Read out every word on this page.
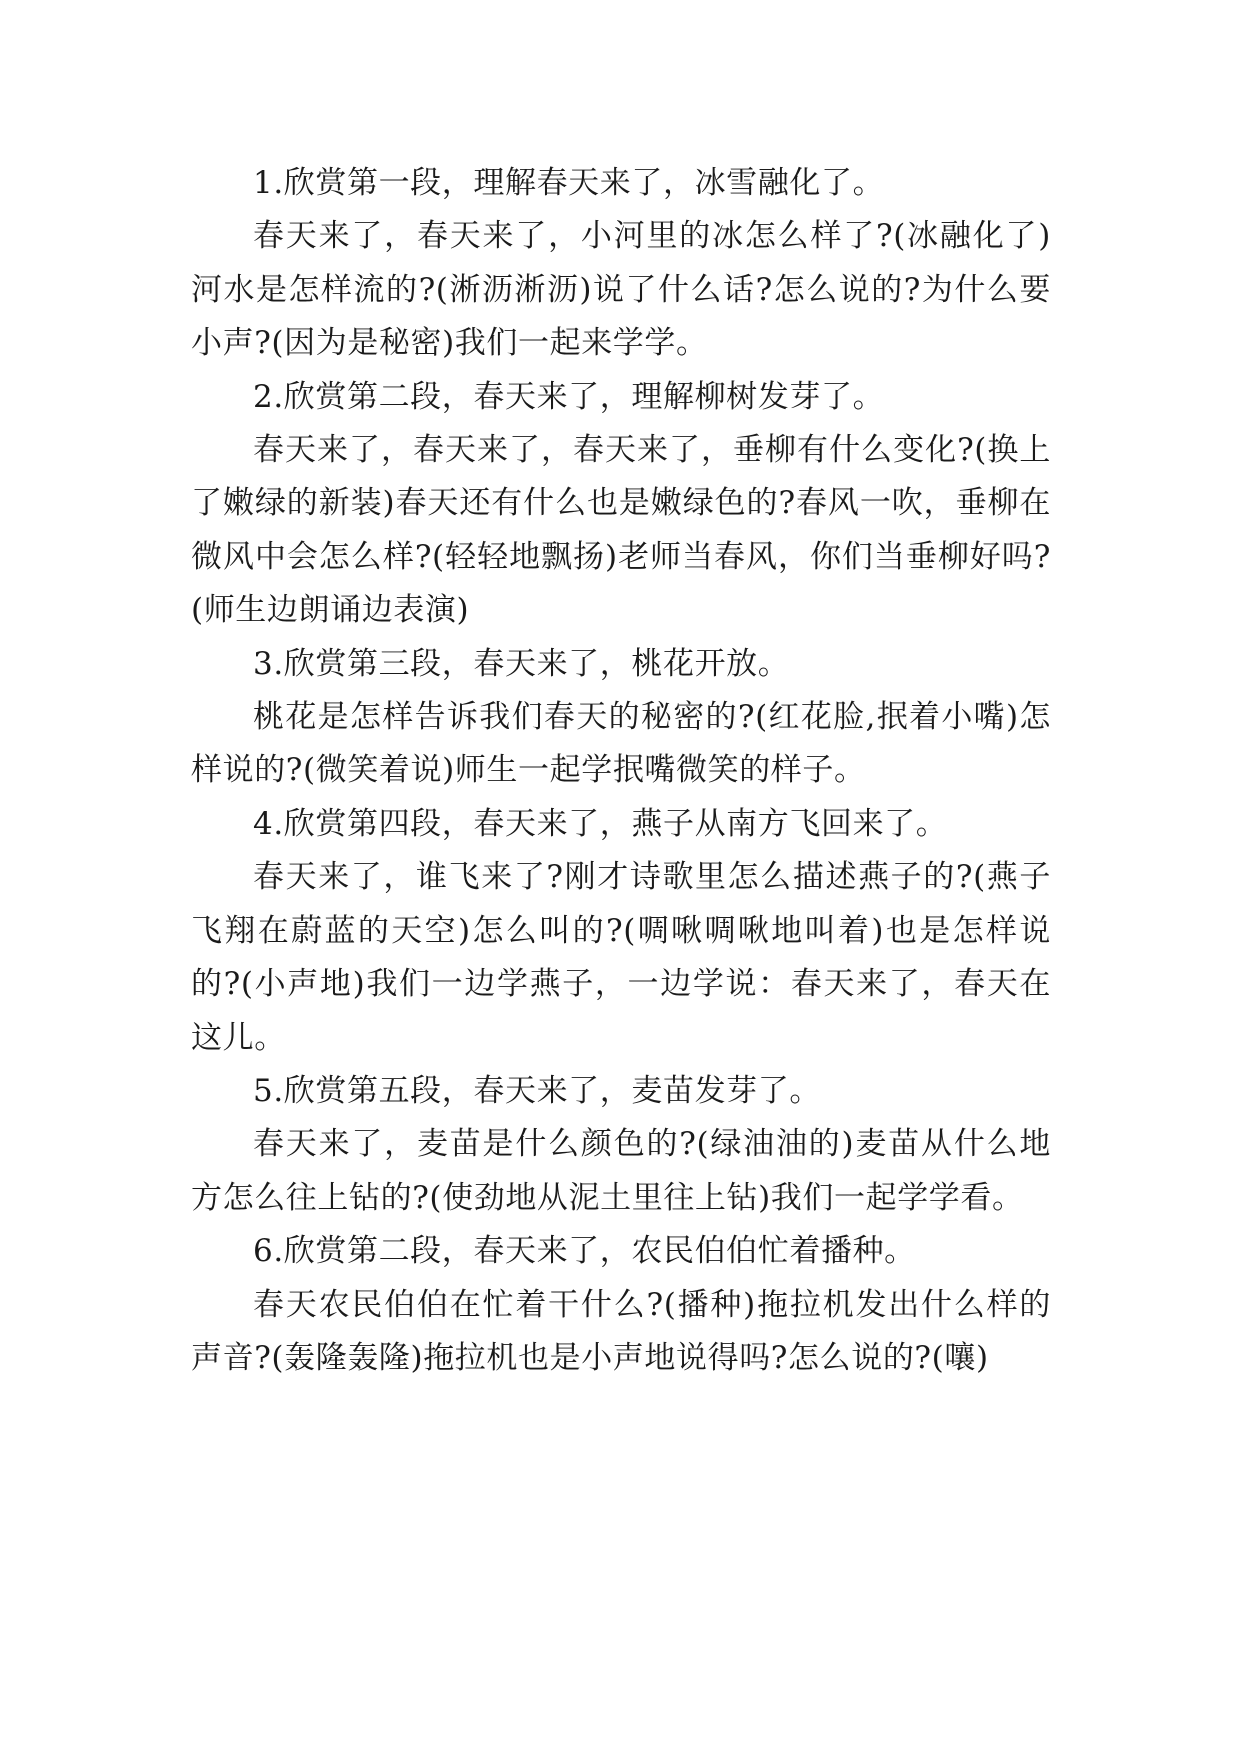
1.欣赏第一段，理解春天来了，冰雪融化了。

春天来了，春天来了，小河里的冰怎么样了?(冰融化了)河水是怎样流的?(淅沥淅沥)说了什么话?怎么说的?为什么要小声?(因为是秘密)我们一起来学学。

2.欣赏第二段，春天来了，理解柳树发芽了。

春天来了，春天来了，春天来了，垂柳有什么变化?(换上了嫩绿的新装)春天还有什么也是嫩绿色的?春风一吹，垂柳在微风中会怎么样?(轻轻地飘扬)老师当春风，你们当垂柳好吗?(师生边朗诵边表演)

3.欣赏第三段，春天来了，桃花开放。

桃花是怎样告诉我们春天的秘密的?(红花脸,抿着小嘴)怎样说的?(微笑着说)师生一起学抿嘴微笑的样子。

4.欣赏第四段，春天来了，燕子从南方飞回来了。

春天来了，谁飞来了?刚才诗歌里怎么描述燕子的?(燕子飞翔在蔚蓝的天空)怎么叫的?(啁啾啁啾地叫着)也是怎样说的?(小声地)我们一边学燕子，一边学说：春天来了，春天在这儿。

5.欣赏第五段，春天来了，麦苗发芽了。

春天来了，麦苗是什么颜色的?(绿油油的)麦苗从什么地方怎么往上钻的?(使劲地从泥土里往上钻)我们一起学学看。

6.欣赏第二段，春天来了，农民伯伯忙着播种。

春天农民伯伯在忙着干什么?(播种)拖拉机发出什么样的声音?(轰隆轰隆)拖拉机也是小声地说得吗?怎么说的?(嚷)
